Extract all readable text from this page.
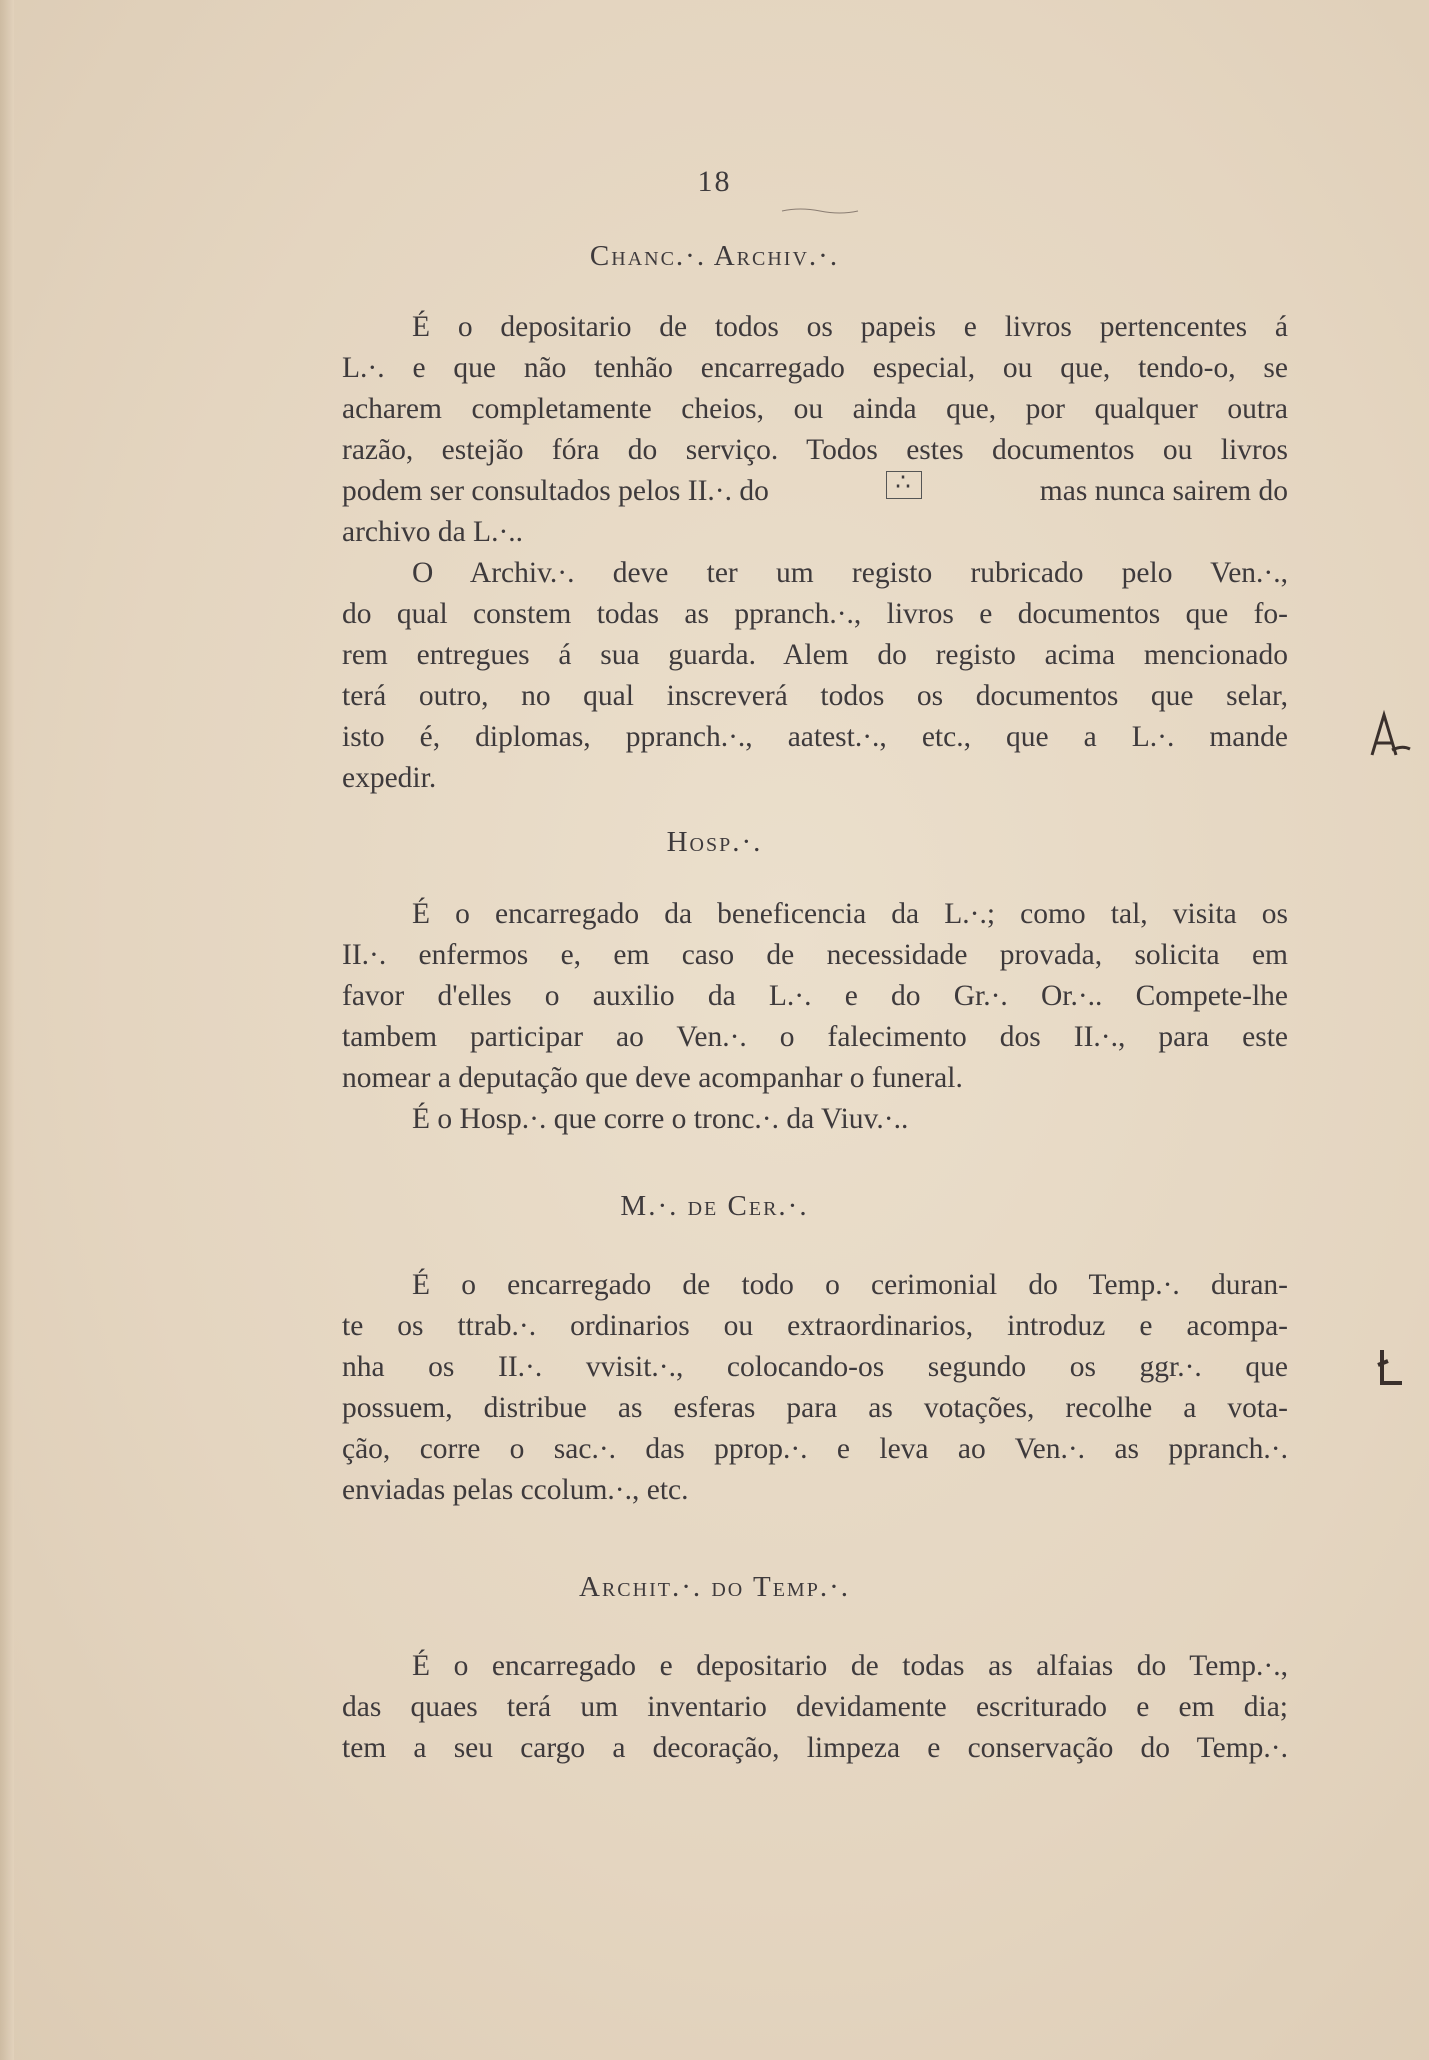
18
Chanc.·. Archiv.·.
É o depositario de todos os papeis e livros pertencentes á
L.·. e que não tenhão encarregado especial, ou que, tendo-o, se
acharem completamente cheios, ou ainda que, por qualquer outra
razão, estejão fóra do serviço. Todos estes documentos ou livros
podem ser consultados pelos II.·. do
∴	mas nunca sairem do
archivo da L.·..
O Archiv.·. deve ter um registo rubricado pelo Ven.·.,
do qual constem todas as ppranch.·., livros e documentos que fo-
rem entregues á sua guarda. Alem do registo acima mencionado
terá outro, no qual inscreverá todos os documentos que selar,
isto é, diplomas, ppranch.·., aatest.·., etc., que a L.·. mande
expedir.
Hosp.·.
É o encarregado da beneficencia da L.·.; como tal, visita os
II.·. enfermos e, em caso de necessidade provada, solicita em
favor d'elles o auxilio da L.·. e do Gr.·. Or.·.. Compete-lhe
tambem participar ao Ven.·. o falecimento dos II.·., para este
nomear a deputação que deve acompanhar o funeral.
É o Hosp.·. que corre o tronc.·. da Viuv.·..
M.·. de Cer.·.
É o encarregado de todo o cerimonial do Temp.·. duran-
te os ttrab.·. ordinarios ou extraordinarios, introduz e acompa-
nha os II.·. vvisit.·., colocando-os segundo os ggr.·. que
possuem, distribue as esferas para as votações, recolhe a vota-
ção, corre o sac.·. das pprop.·. e leva ao Ven.·. as ppranch.·.
enviadas pelas ccolum.·., etc.
Archit.·. do Temp.·.
É o encarregado e depositario de todas as alfaias do Temp.·.,
das quaes terá um inventario devidamente escriturado e em dia;
tem a seu cargo a decoração, limpeza e conservação do Temp.·.
